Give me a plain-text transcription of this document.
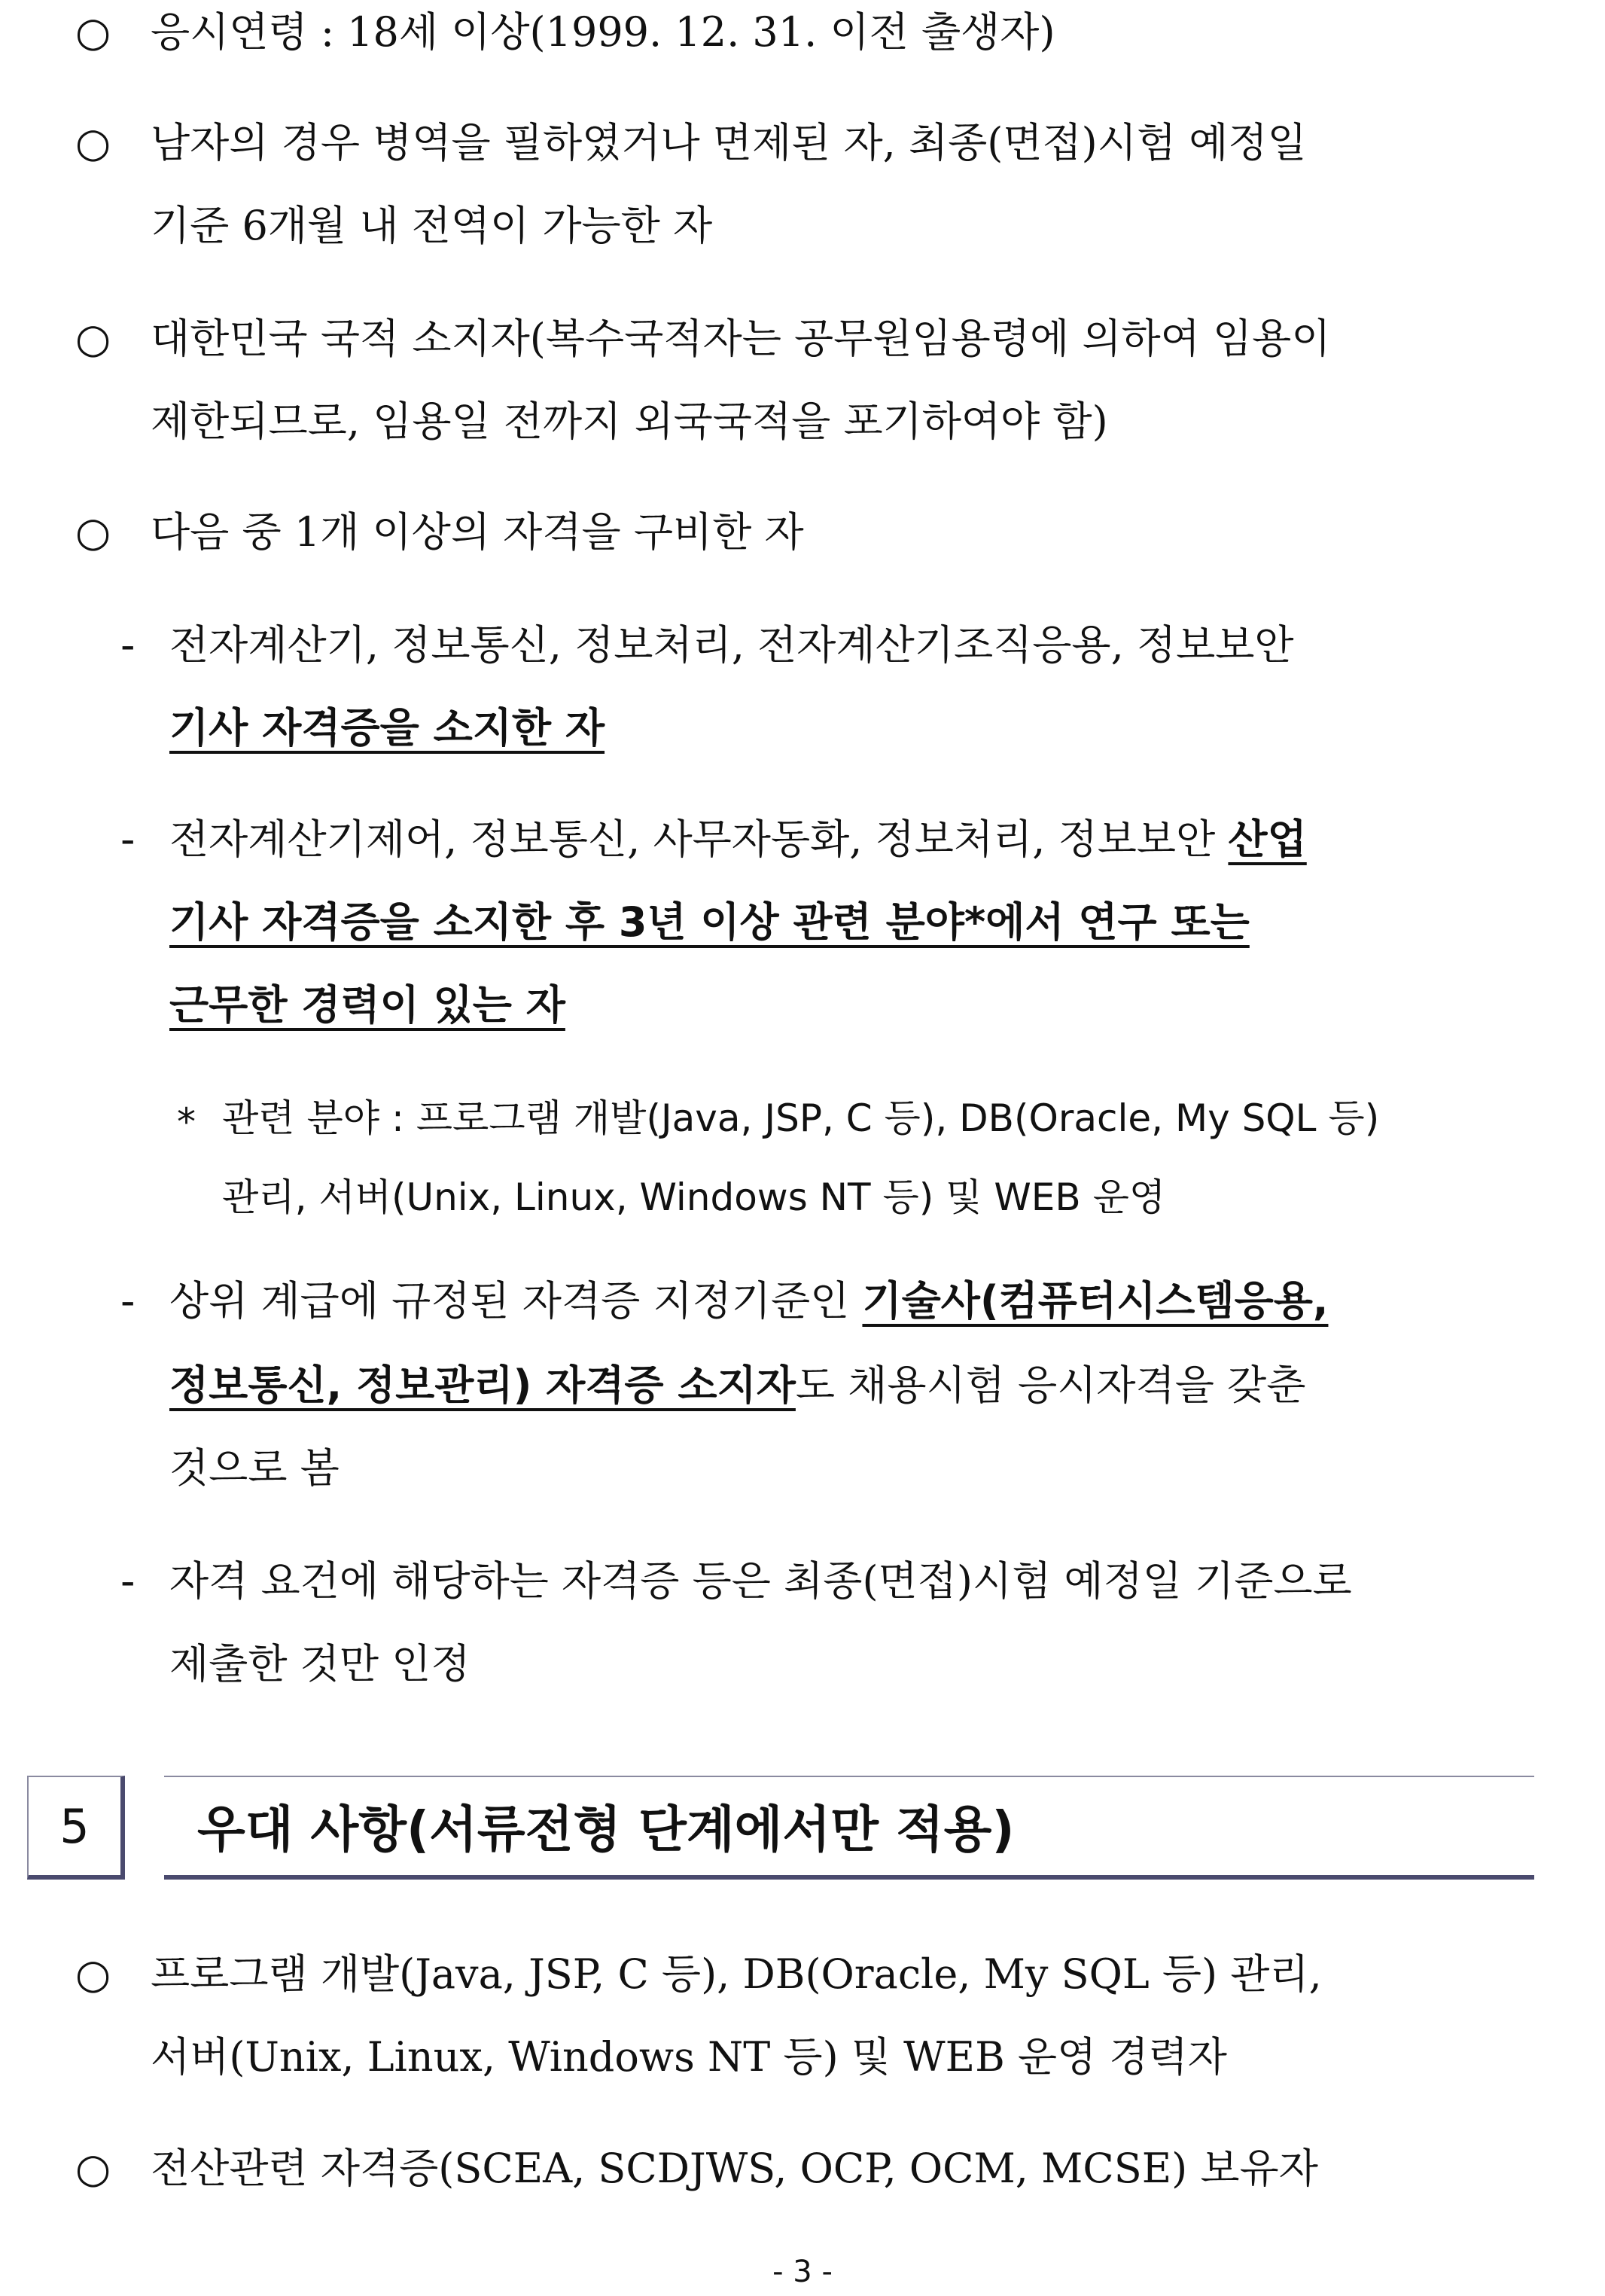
○ 응시연령 : 18세 이상(1999. 12. 31. 이전 출생자)
○ 남자의 경우 병역을 필하였거나 면제된 자, 최종(면접)시험 예정일
기준 6개월 내 전역이 가능한 자
○ 대한민국 국적 소지자(복수국적자는 공무원임용령에 의하여 임용이
제한되므로, 임용일 전까지 외국국적을 포기하여야 함)
○ 다음 중 1개 이상의 자격을 구비한 자
- 전자계산기, 정보통신, 정보처리, 전자계산기조직응용, 정보보안
기사 자격증을 소지한 자
- 전자계산기제어, 정보통신, 사무자동화, 정보처리, 정보보안 산업
기사 자격증을 소지한 후 3년 이상 관련 분야*에서 연구 또는
근무한 경력이 있는 자
* 관련 분야 : 프로그램 개발(Java, JSP, C 등), DB(Oracle, My SQL 등)
관리, 서버(Unix, Linux, Windows NT 등) 및 WEB 운영
- 상위 계급에 규정된 자격증 지정기준인 기술사(컴퓨터시스템응용,
정보통신, 정보관리) 자격증 소지자도 채용시험 응시자격을 갖춘
것으로 봄
- 자격 요건에 해당하는 자격증 등은 최종(면접)시험 예정일 기준으로
제출한 것만 인정
5 우대 사항(서류전형 단계에서만 적용)
○ 프로그램 개발(Java, JSP, C 등), DB(Oracle, My SQL 등) 관리,
서버(Unix, Linux, Windows NT 등) 및 WEB 운영 경력자
○ 전산관련 자격증(SCEA, SCDJWS, OCP, OCM, MCSE) 보유자
- 3 -
